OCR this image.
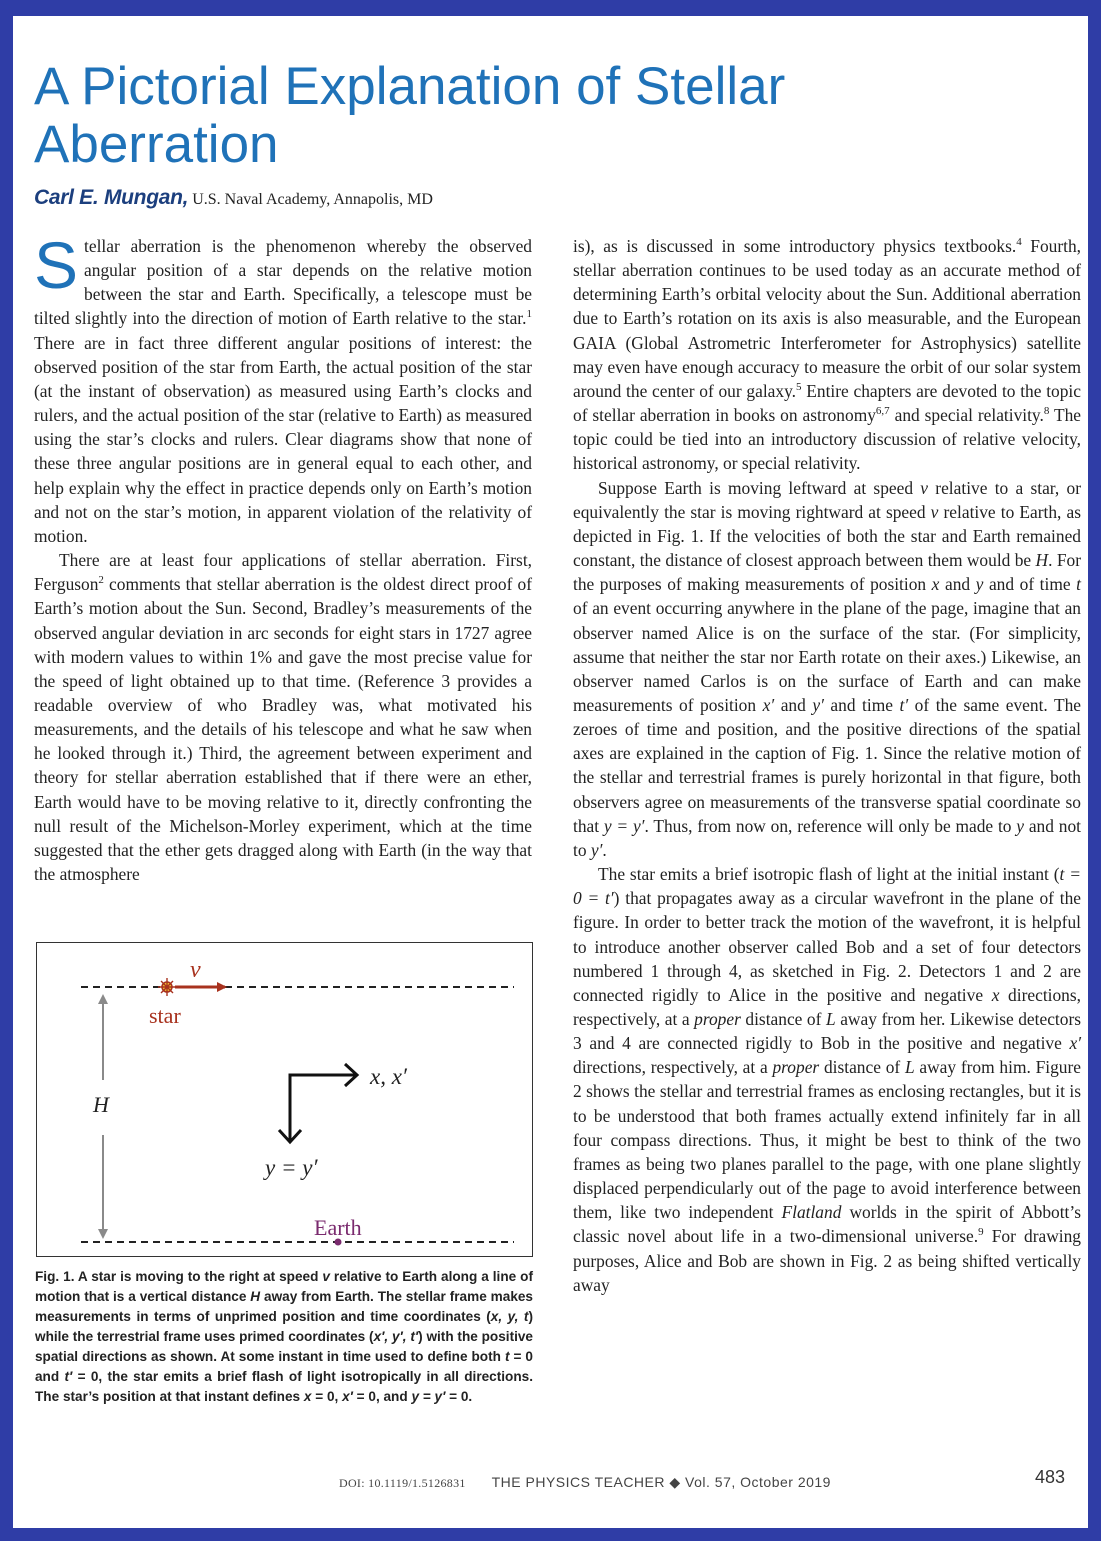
A Pictorial Explanation of Stellar
Aberration
Carl E. Mungan, U.S. Naval Academy, Annapolis, MD

Stellar aberration is the phenomenon whereby the observed angular position of a star depends on the relative motion between the star and Earth. Specifically, a telescope must be tilted slightly into the direction of motion of Earth relative to the star.$^1$ There are in fact three different angular positions of interest: the observed position of the star from Earth, the actual position of the star (at the instant of observation) as measured using Earth’s clocks and rulers, and the actual position of the star (relative to Earth) as measured using the star’s clocks and rulers. Clear diagrams show that none of these three angular positions are in general equal to each other, and help explain why the effect in practice depends only on Earth’s motion and not on the star’s motion, in apparent violation of the relativity of motion.

There are at least four applications of stellar aberration. First, Ferguson$^2$ comments that stellar aberration is the oldest direct proof of Earth’s motion about the Sun. Second, Bradley’s measurements of the observed angular deviation in arc seconds for eight stars in 1727 agree with modern values to within 1% and gave the most precise value for the speed of light obtained up to that time. (Reference 3 provides a readable overview of who Bradley was, what motivated his measurements, and the details of his telescope and what he saw when he looked through it.) Third, the agreement between experiment and theory for stellar aberration established that if there were an ether, Earth would have to be moving relative to it, directly confronting the null result of the Michelson-Morley experiment, which at the time suggested that the ether gets dragged along with Earth (in the way that the atmosphere

v
star
H
x, x′
y = y′
Earth
Fig. 1. A star is moving to the right at speed v relative to Earth along a line of motion that is a vertical distance H away from Earth. The stellar frame makes measurements in terms of unprimed position and time coordinates (x, y, t) while the terrestrial frame uses primed coordinates (x′, y′, t′) with the positive spatial directions as shown. At some instant in time used to define both t = 0 and t′ = 0, the star emits a brief flash of light isotropically in all directions. The star’s position at that instant defines x = 0, x′ = 0, and y = y′ = 0.

is), as is discussed in some introductory physics textbooks.$^4$ Fourth, stellar aberration continues to be used today as an accurate method of determining Earth’s orbital velocity about the Sun. Additional aberration due to Earth’s rotation on its axis is also measurable, and the European GAIA (Global Astrometric Interferometer for Astrophysics) satellite may even have enough accuracy to measure the orbit of our solar system around the center of our galaxy.$^5$ Entire chapters are devoted to the topic of stellar aberration in books on astronomy$^{6,7}$ and special relativity.$^8$ The topic could be tied into an introductory discussion of relative velocity, historical astronomy, or special relativity.

Suppose Earth is moving leftward at speed v relative to a star, or equivalently the star is moving rightward at speed v relative to Earth, as depicted in Fig. 1. If the velocities of both the star and Earth remained constant, the distance of closest approach between them would be H. For the purposes of making measurements of position x and y and of time t of an event occurring anywhere in the plane of the page, imagine that an observer named Alice is on the surface of the star. (For simplicity, assume that neither the star nor Earth rotate on their axes.) Likewise, an observer named Carlos is on the surface of Earth and can make measurements of position x′ and y′ and time t′ of the same event. The zeroes of time and position, and the positive directions of the spatial axes are explained in the caption of Fig. 1. Since the relative motion of the stellar and terrestrial frames is purely horizontal in that figure, both observers agree on measurements of the transverse spatial coordinate so that y = y′. Thus, from now on, reference will only be made to y and not to y′.

The star emits a brief isotropic flash of light at the initial instant (t = 0 = t′) that propagates away as a circular wavefront in the plane of the figure. In order to better track the motion of the wavefront, it is helpful to introduce another observer called Bob and a set of four detectors numbered 1 through 4, as sketched in Fig. 2. Detectors 1 and 2 are connected rigidly to Alice in the positive and negative x directions, respectively, at a proper distance of L away from her. Likewise detectors 3 and 4 are connected rigidly to Bob in the positive and negative x′ directions, respectively, at a proper distance of L away from him. Figure 2 shows the stellar and terrestrial frames as enclosing rectangles, but it is to be understood that both frames actually extend infinitely far in all four compass directions. Thus, it might be best to think of the two frames as being two planes parallel to the page, with one plane slightly displaced perpendicularly out of the page to avoid interference between them, like two independent Flatland worlds in the spirit of Abbott’s classic novel about life in a two-dimensional universe.$^9$ For drawing purposes, Alice and Bob are shown in Fig. 2 as being shifted vertically away

DOI: 10.1119/1.5126831 THE PHYSICS TEACHER ◆ Vol. 57, October 2019	483
